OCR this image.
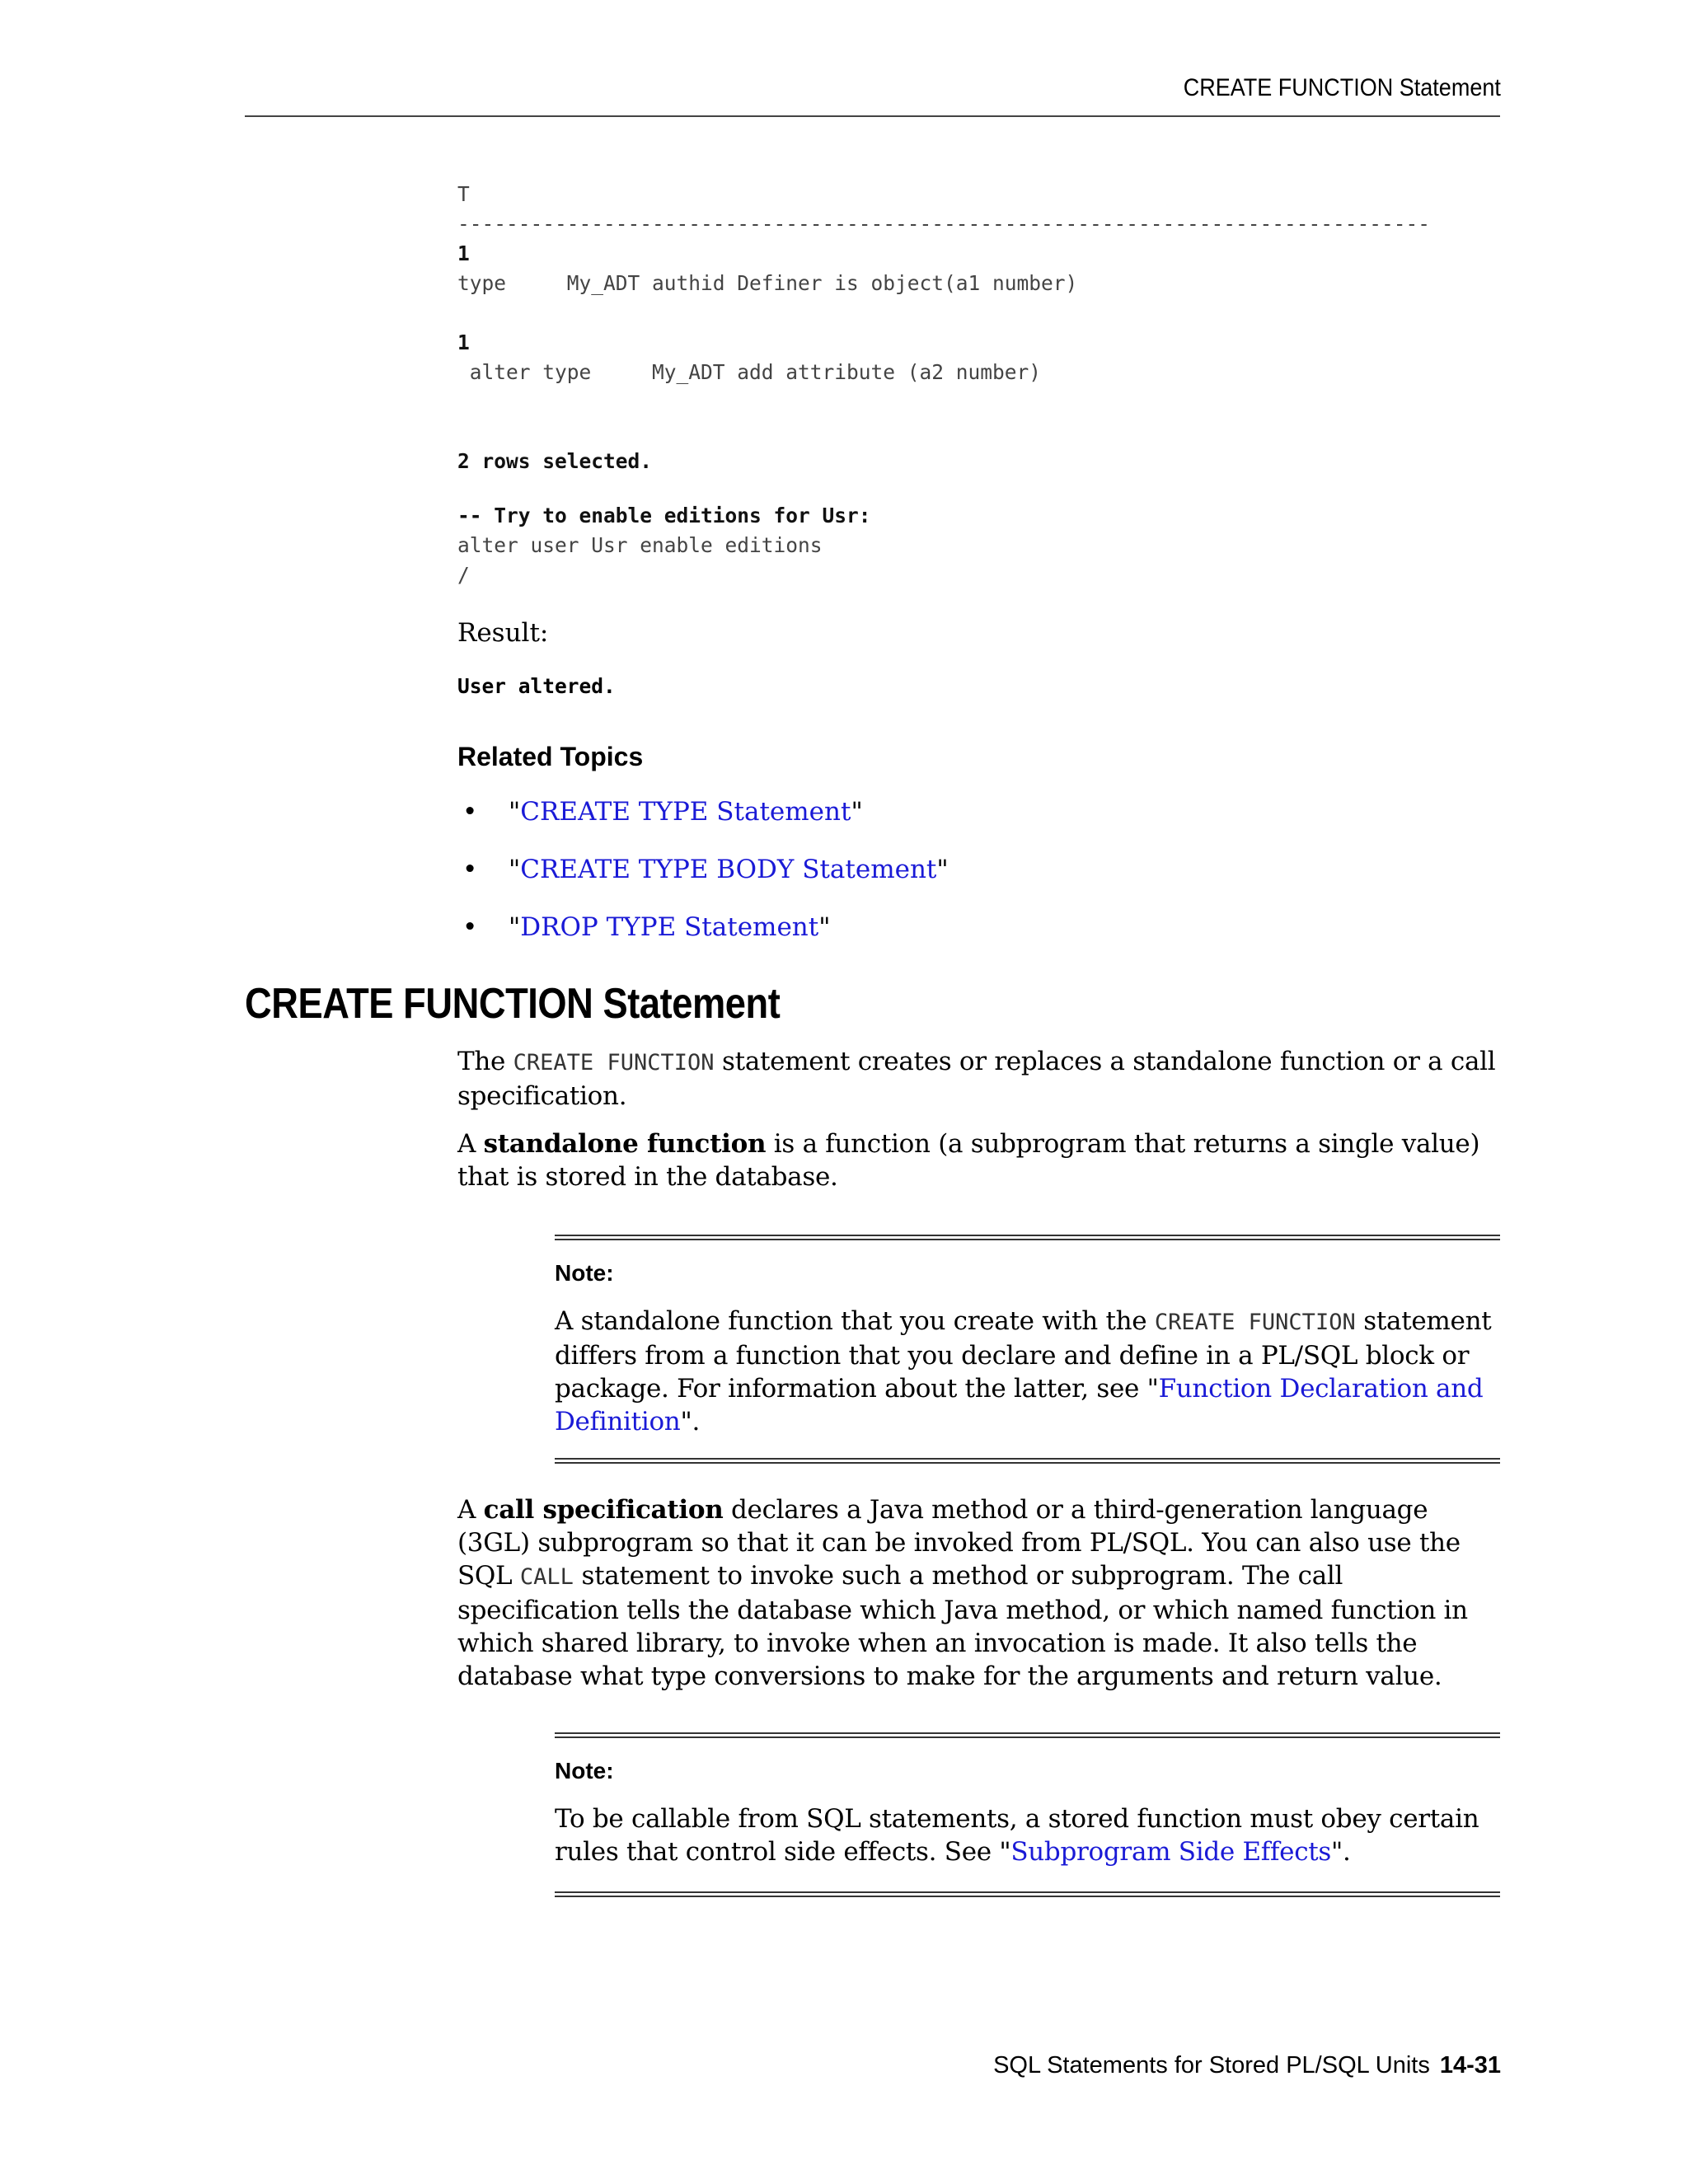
CREATE FUNCTION Statement
T
--------------------------------------------------------------------------------
1
type     My_ADT authid Definer is object(a1 number)

1
alter type     My_ADT add attribute (a2 number)

2 rows selected.

-- Try to enable editions for Usr:
alter user Usr enable editions
/

Result:
User altered.
Related Topics
• "CREATE TYPE Statement"
• "CREATE TYPE BODY Statement"
• "DROP TYPE Statement"
CREATE FUNCTION Statement

The CREATE FUNCTION statement creates or replaces a standalone function or a call specification.

A standalone function is a function (a subprogram that returns a single value) that is stored in the database.

Note:

A standalone function that you create with the CREATE FUNCTION statement differs from a function that you declare and define in a PL/SQL block or package. For information about the latter, see "Function Declaration and Definition".

A call specification declares a Java method or a third-generation language (3GL) subprogram so that it can be invoked from PL/SQL. You can also use the SQL CALL statement to invoke such a method or subprogram. The call specification tells the database which Java method, or which named function in which shared library, to invoke when an invocation is made. It also tells the database what type conversions to make for the arguments and return value.

Note:

To be callable from SQL statements, a stored function must obey certain rules that control side effects. See "Subprogram Side Effects".

SQL Statements for Stored PL/SQL Units 14-31
